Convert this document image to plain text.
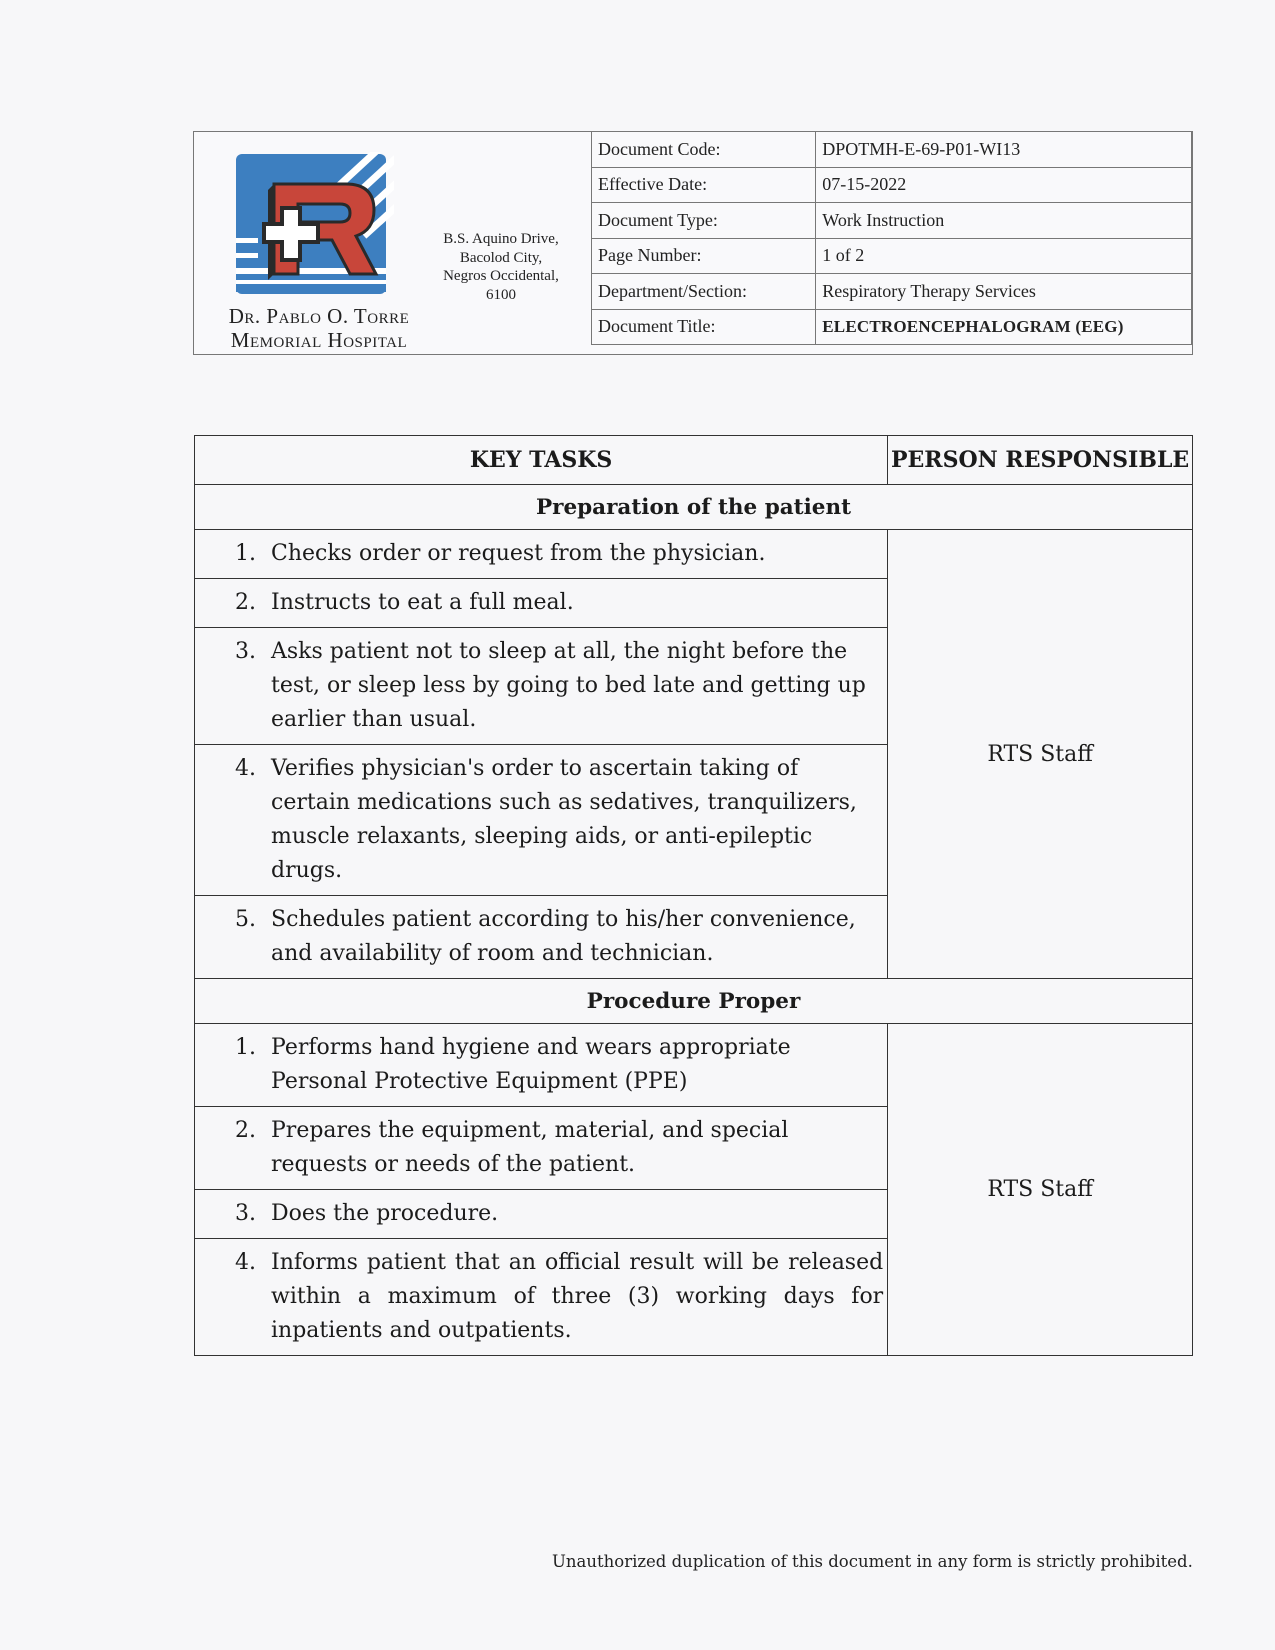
Dr. Pablo O. Torre
Memorial Hospital
B.S. Aquino Drive,
Bacolod City,
Negros Occidental,
6100
Document Code:	DPOTMH-E-69-P01-WI13
Effective Date:	07-15-2022
Document Type:	Work Instruction
Page Number:	1 of 2
Department/Section:	Respiratory Therapy Services
Document Title:	ELECTROENCEPHALOGRAM (EEG)
KEY TASKS	PERSON RESPONSIBLE
Preparation of the patient	

1. Checks order or request from the physician.	RTS Staff

2. Instructs to eat a full meal.	

3. Asks patient not to sleep at all, the night before the test, or sleep less by going to bed late and getting up earlier than usual.	

4. Verifies physician's order to ascertain taking of certain medications such as sedatives, tranquilizers, muscle relaxants, sleeping aids, or anti-epileptic drugs.	

5. Schedules patient according to his/her convenience, and availability of room and technician.	

Procedure Proper	

1. Performs hand hygiene and wears appropriate Personal Protective Equipment (PPE)	RTS Staff

2. Prepares the equipment, material, and special requests or needs of the patient.	

3. Does the procedure.	

4. Informs patient that an official result will be released within a maximum of three (3) working days for inpatients and outpatients.	
Unauthorized duplication of this document in any form is strictly prohibited.
